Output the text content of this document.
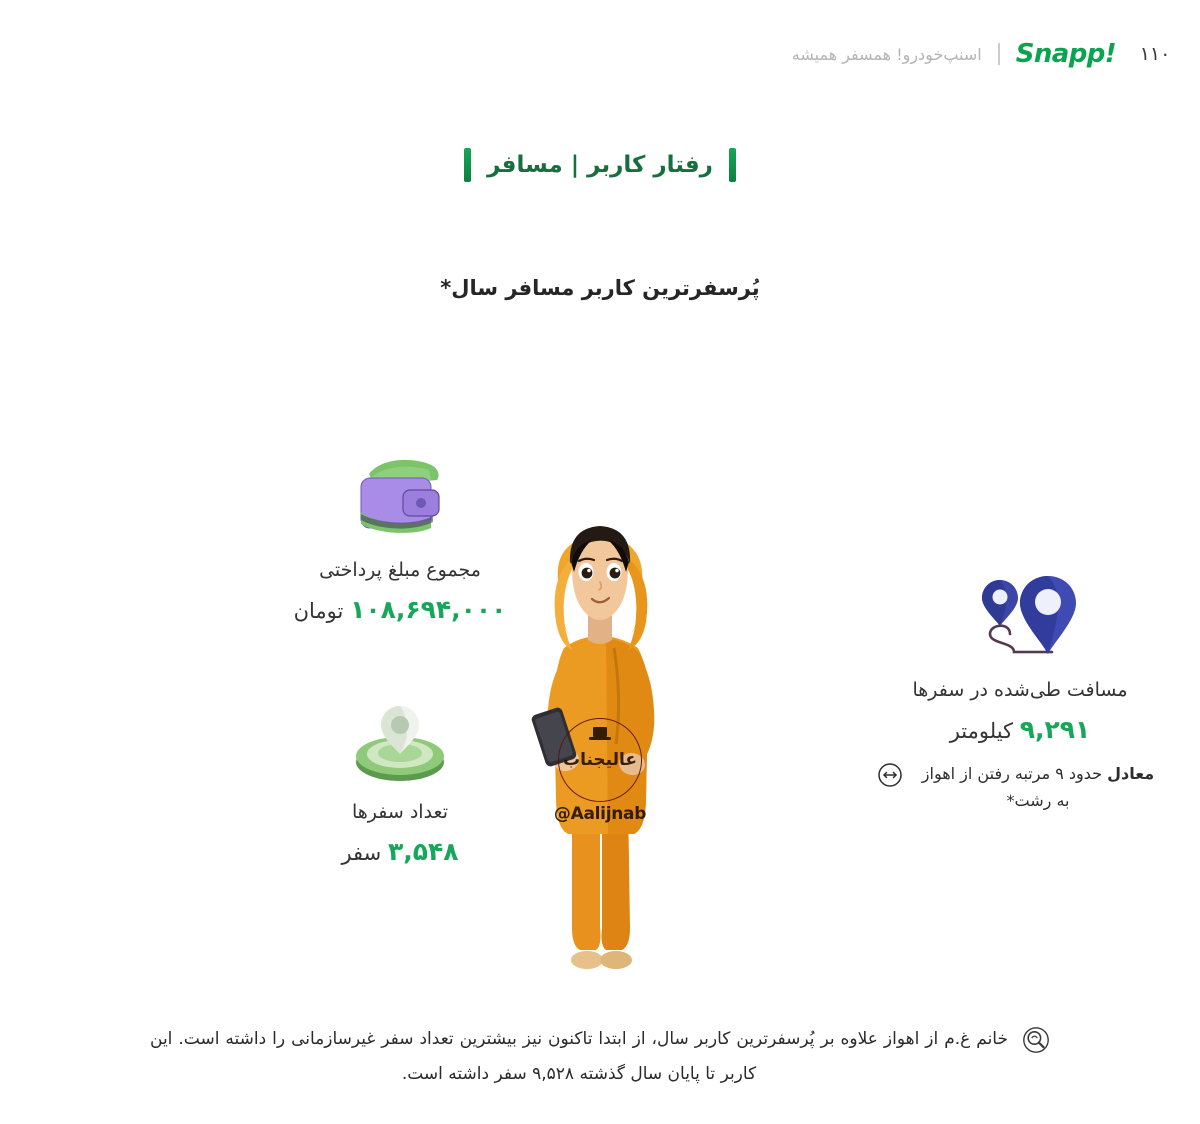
۱۱۰
Snapp!
اسنپ‌خودرو! همسفر همیشه
رفتار کاربر | مسافر
پُرسفرترین کاربر مسافر سال*
مجموع مبلغ پرداختی
۱۰۸,۶۹۴,۰۰۰ تومان
تعداد سفرها
۳,۵۴۸ سفر
مسافت طی‌شده در سفرها
۹,۲۹۱ کیلومتر
معادل حدود ۹ مرتبه رفتن از اهواز به رشت*
عالیجناب
@Aalijnab
خانم غ.م از اهواز علاوه بر پُرسفرترین کاربر سال، از ابتدا تاکنون نیز بیشترین تعداد سفر غیرسازمانی را داشته است. این کاربر تا پایان سال گذشته ۹,۵۲۸ سفر داشته است.
